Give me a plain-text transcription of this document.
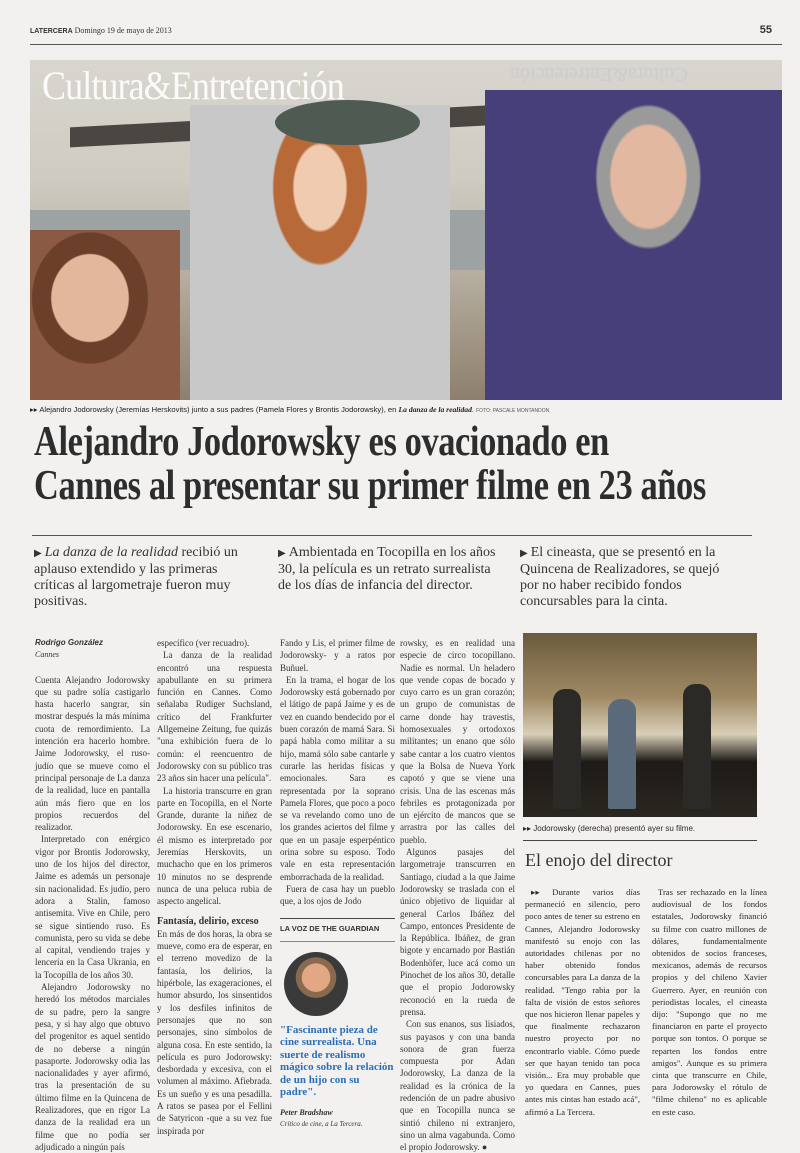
LATERCERA Domingo 19 de mayo de 2013	55
Cultura&Entretención	Cultura&Entretención
▸▸ Alejandro Jodorowsky (Jeremías Herskovits) junto a sus padres (Pamela Flores y Brontis Jodorowsky), en La danza de la realidad. FOTO: PASCALE MONTANDON
Alejandro Jodorowsky es ovacionado en
Cannes al presentar su primer filme en 23 años
▶ La danza de la realidad recibió un aplauso extendido y las primeras críticas al largometraje fueron muy positivas.
▶ Ambientada en Tocopilla en los años 30, la película es un retrato surrealista de los días de infancia del director.
▶ El cineasta, que se presentó en la Quincena de Realizadores, se quejó por no haber recibido fondos concursables para la cinta.
Rodrigo González
Cannes

Cuenta Alejandro Jodorowsky que su padre solía castigarlo hasta hacerlo sangrar, sin mostrar después la más mínima cuota de remordimiento. La intención era hacerlo hombre. Jaime Jodorowsky, el ruso-judío que se mueve como el principal personaje de La danza de la realidad, luce en pantalla aún más fiero que en los propios recuerdos del realizador.

Interpretado con enérgico vigor por Brontis Jodorowsky, uno de los hijos del director, Jaime es además un personaje sin nacionalidad. Es judío, pero adora a Stalin, famoso antisemita. Vive en Chile, pero se sigue sintiendo ruso. Es comunista, pero su vida se debe al capital, vendiendo trajes y lencería en la Casa Ukrania, en la Tocopilla de los años 30.

Alejandro Jodorowsky no heredó los métodos marciales de su padre, pero la sangre pesa, y si hay algo que obtuvo del progenitor es aquel sentido de no deberse a ningún pasaporte. Jodorowsky odia las nacionalidades y ayer afirmó, tras la presentación de su último filme en la Quincena de Realizadores, que en rigor La danza de la realidad era un filme que no podía ser adjudicado a ningún país

específico (ver recuadro).

La danza de la realidad encontró una respuesta apabullante en su primera función en Cannes. Como señalaba Rudiger Suchsland, crítico del Frankfurter Allgemeine Zeitung, fue quizás "una exhibición fuera de lo común: el reencuentro de Jodorowsky con su público tras 23 años sin hacer una película".

La historia transcurre en gran parte en Tocopilla, en el Norte Grande, durante la niñez de Jodorowsky. En ese escenario, él mismo es interpretado por Jeremías Herskovits, un muchacho que en los primeros 10 minutos no se desprende nunca de una peluca rubia de aspecto angelical.

Fantasía, delirio, exceso

En más de dos horas, la obra se mueve, como era de esperar, en el terreno movedizo de la fantasía, los delirios, la hipérbole, las exageraciones, el humor absurdo, los sinsentidos y los desfiles infinitos de personajes que no son personajes, sino símbolos de alguna cosa. En este sentido, la película es puro Jodorowsky: desbordada y excesiva, con el volumen al máximo. Afiebrada. Es un sueño y es una pesadilla. A ratos se pasea por el Fellini de Satyricon -que a su vez fue inspirada por

Fando y Lis, el primer filme de Jodorowsky- y a ratos por Buñuel.

En la trama, el hogar de los Jodorowsky está gobernado por el látigo de papá Jaime y es de vez en cuando bendecido por el buen corazón de mamá Sara. Si papá habla como militar a su hijo, mamá sólo sabe cantarle y curarle las heridas físicas y emocionales. Sara es representada por la soprano Pamela Flores, que poco a poco se va revelando como uno de los grandes aciertos del filme y que en un pasaje esperpéntico orina sobre su esposo. Todo vale en esta representación emborrachada de la realidad.

Fuera de casa hay un pueblo que, a los ojos de Jodo

LA VOZ DE THE GUARDIAN
"Fascinante pieza de cine surrealista. Una suerte de realismo mágico sobre la relación de un hijo con su padre".
Peter Bradshaw
Crítico de cine, a La Tercera.

rowsky, es en realidad una especie de circo tocopillano. Nadie es normal. Un heladero que vende copas de bocado y cuyo carro es un gran corazón; un grupo de comunistas de carne donde hay travestis, homosexuales y ortodoxos militantes; un enano que sólo sabe cantar a los cuatro vientos que la Bolsa de Nueva York capotó y que se viene una crisis. Una de las escenas más febriles es protagonizada por un ejército de mancos que se arrastra por las calles del pueblo.

Algunos pasajes del largometraje transcurren en Santiago, ciudad a la que Jaime Jodorowsky se traslada con el único objetivo de liquidar al general Carlos Ibáñez del Campo, entonces Presidente de la República. Ibáñez, de gran bigote y encarnado por Bastián Bodenhöfer, luce acá como un Pinochet de los años 30, detalle que el propio Jodorowsky reconoció en la rueda de prensa.

Con sus enanos, sus lisiados, sus payasos y con una banda sonora de gran fuerza compuesta por Adan Jodorowsky, La danza de la realidad es la crónica de la redención de un padre abusivo que en Tocopilla nunca se sintió chileno ni extranjero, sino un alma vagabunda. Como el propio Jodorowsky. ●

▸▸ Jodorowsky (derecha) presentó ayer su filme.
El enojo del director

▸▸ Durante varios días permaneció en silencio, pero poco antes de tener su estreno en Cannes, Alejandro Jodorowsky manifestó su enojo con las autoridades chilenas por no haber obtenido fondos concursables para La danza de la realidad. "Tengo rabia por la falta de visión de estos señores que nos hicieron llenar papeles y que finalmente rechazaron nuestro proyecto por no encontrarlo viable. Cómo puede ser que hayan tenido tan poca visión... Era muy probable que yo quedara en Cannes, pues antes mis cintas han estado acá", afirmó a La Tercera.

Tras ser rechazado en la línea audiovisual de los fondos estatales, Jodorowsky financió su filme con cuatro millones de dólares, fundamentalmente obtenidos de socios franceses, mexicanos, además de recursos propios y del chileno Xavier Guerrero. Ayer, en reunión con periodistas locales, el cineasta dijo: "Supongo que no me financiaron en parte el proyecto porque son tontos. O porque se reparten los fondos entre amigos". Aunque es su primera cinta que transcurre en Chile, para Jodorowsky el rótulo de "filme chileno" no es aplicable en este caso.
